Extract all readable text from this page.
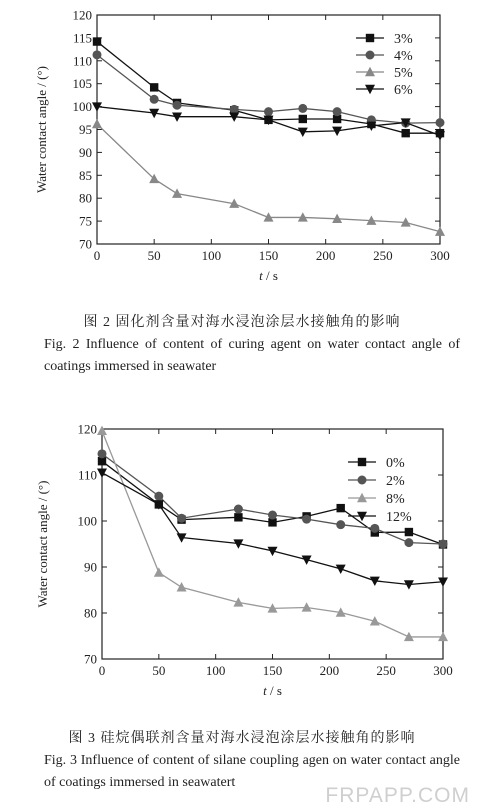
0	50	100	150	200	250	300
70
75
80
85
90
95
100
105
110
115
120
t / s
Water contact angle / (°)
3%
4%
5%
6%
0	50	100	150	200	250	300
70
80
90
100
110
120
t / s
Water contact angle / (°)
0%
2%
8%
12%
图 2 固化剂含量对海水浸泡涂层水接触角的影响
Fig. 2 Influence of content of curing agent on water contact angle of coatings immersed in seawater
图 3 硅烷偶联剂含量对海水浸泡涂层水接触角的影响
Fig. 3 Influence of content of silane coupling agen on water contact angle of coatings immersed in seawatert
FRPAPP.COM
